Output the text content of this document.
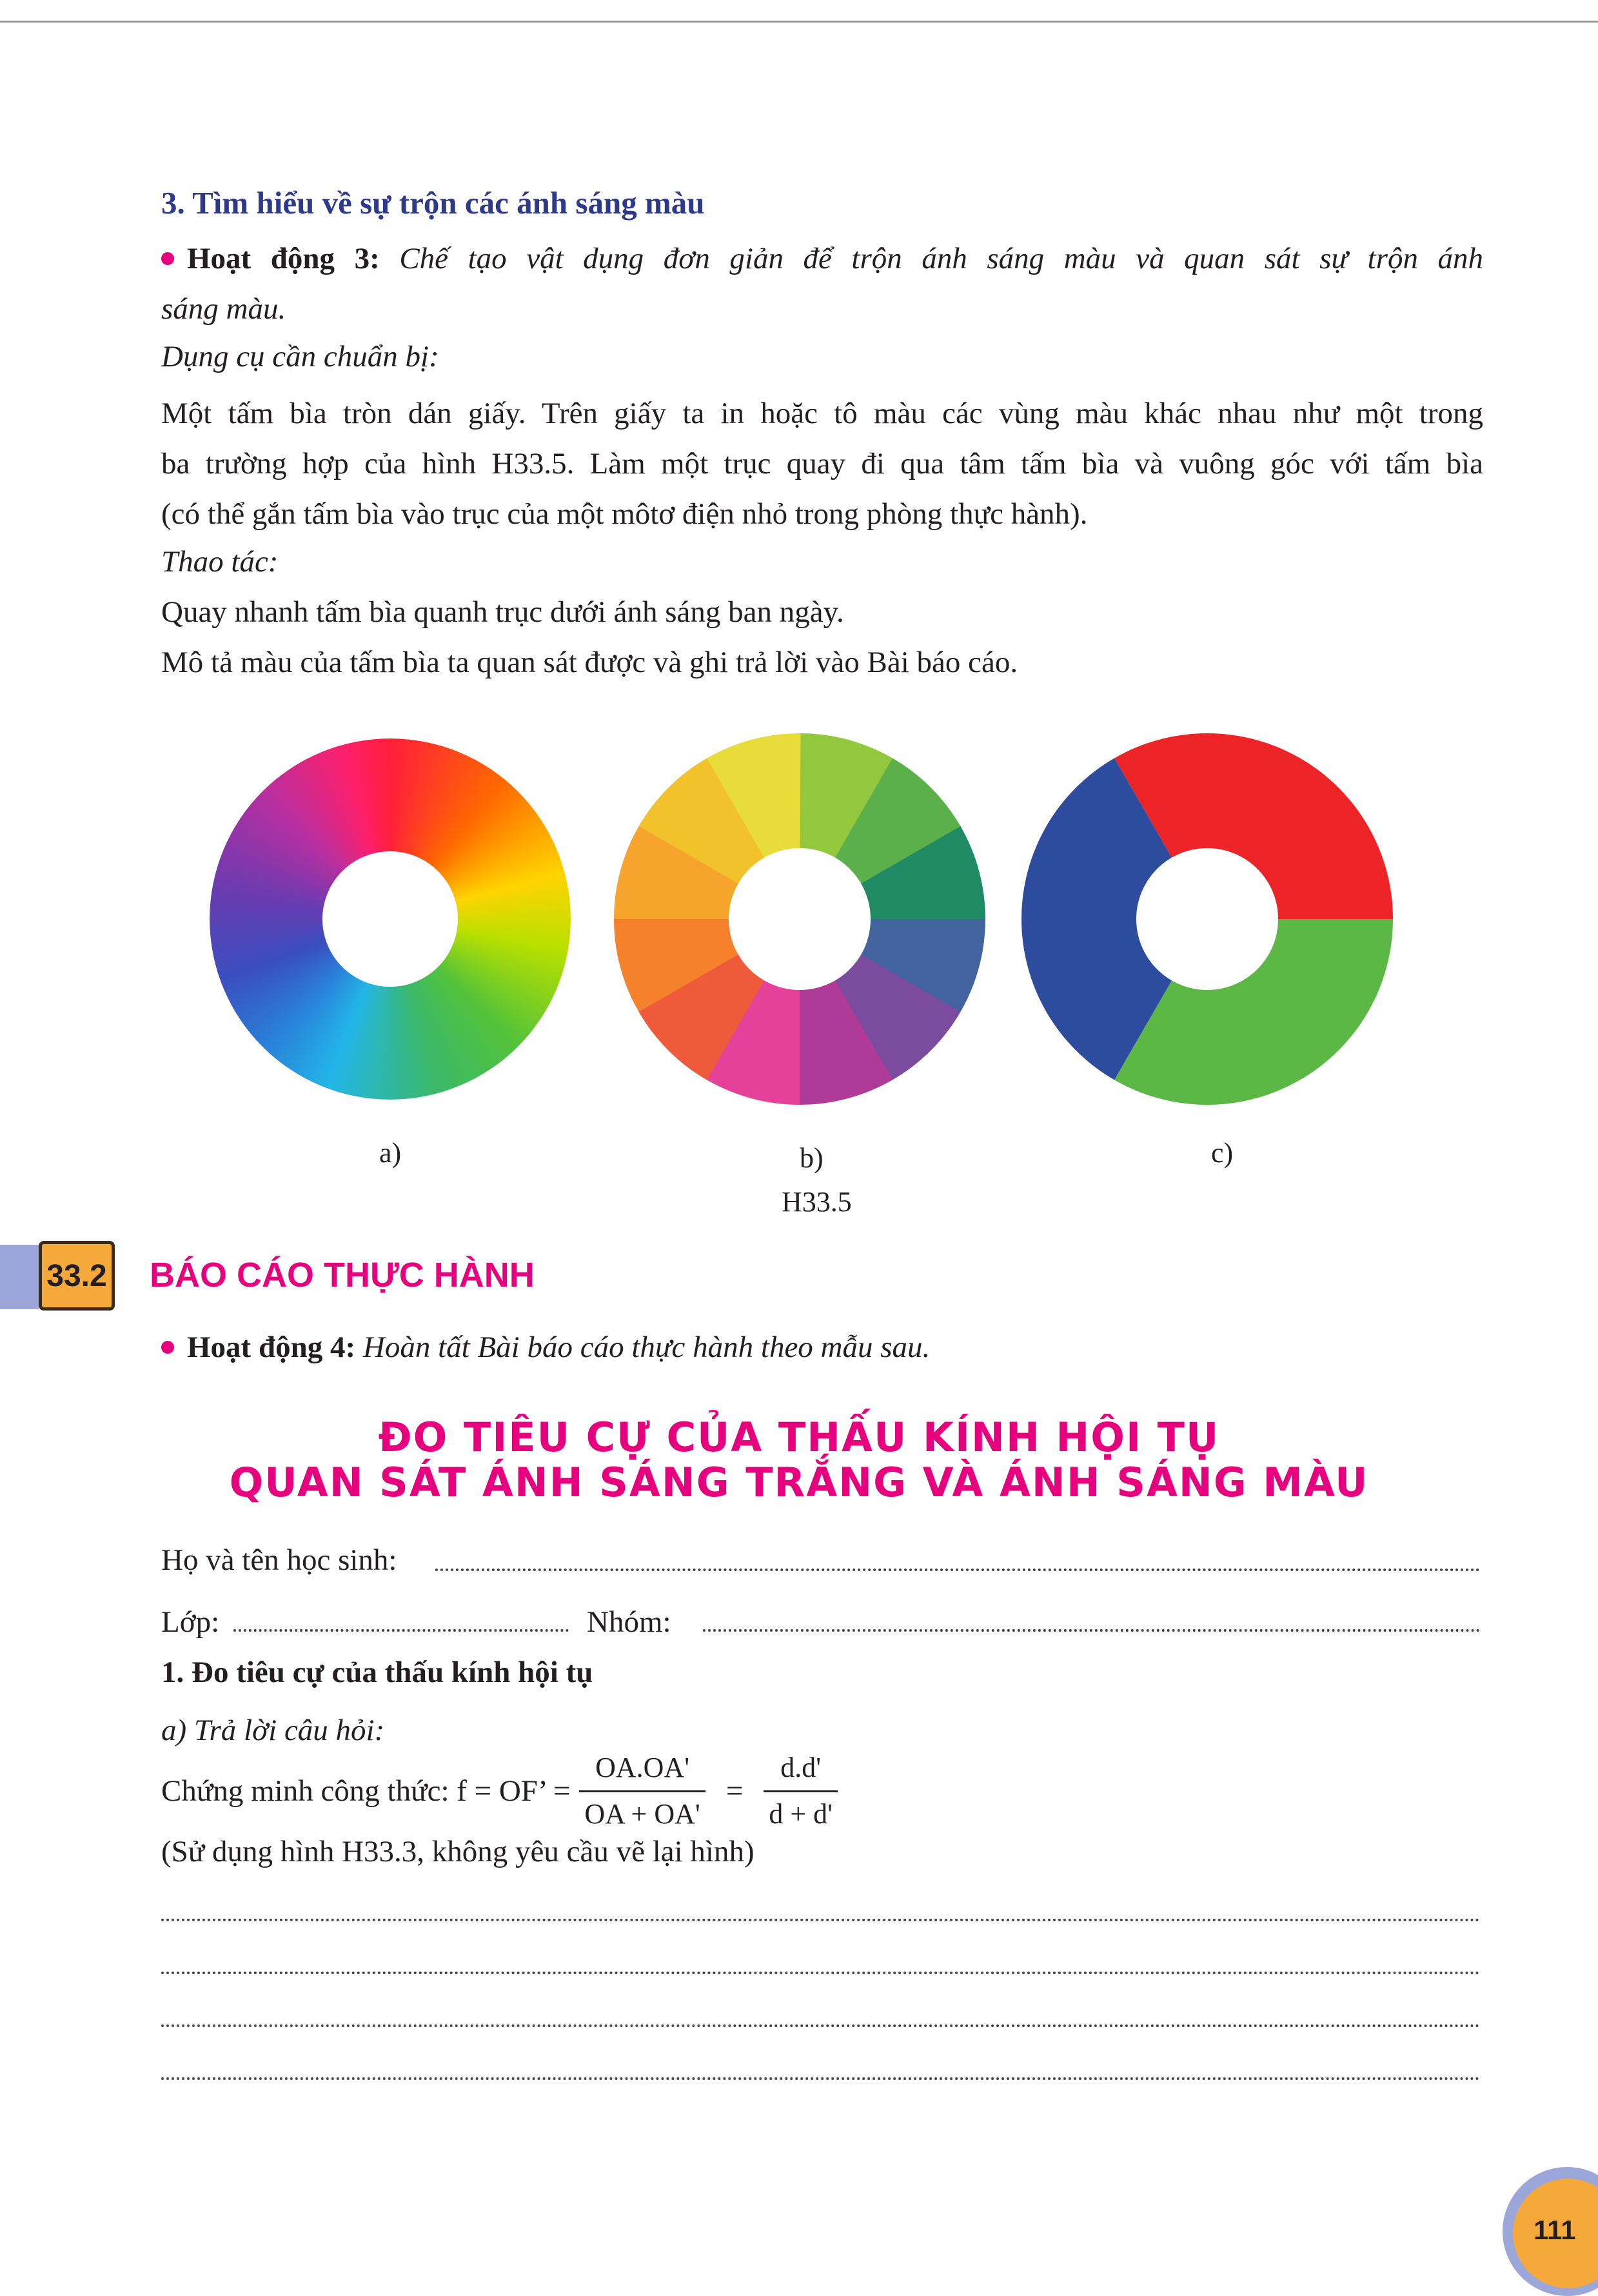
3. Tìm hiểu về sự trộn các ánh sáng màu
Hoạt động 3: Chế tạo vật dụng đơn giản để trộn ánh sáng màu và quan sát sự trộn ánh
sáng màu.
Dụng cụ cần chuẩn bị:
Một tấm bìa tròn dán giấy. Trên giấy ta in hoặc tô màu các vùng màu khác nhau như một trong
ba trường hợp của hình H33.5. Làm một trục quay đi qua tâm tấm bìa và vuông góc với tấm bìa
(có thể gắn tấm bìa vào trục của một môtơ điện nhỏ trong phòng thực hành).
Thao tác:
Quay nhanh tấm bìa quanh trục dưới ánh sáng ban ngày.
Mô tả màu của tấm bìa ta quan sát được và ghi trả lời vào Bài báo cáo.
a)	b)	c)
H33.5
33.2 BÁO CÁO THỰC HÀNH
Hoạt động 4: Hoàn tất Bài báo cáo thực hành theo mẫu sau.
ĐO TIÊU CỰ CỦA THẤU KÍNH HỘI TỤ
QUAN SÁT ÁNH SÁNG TRẮNG VÀ ÁNH SÁNG MÀU
Họ và tên học sinh:
Lớp:	Nhóm:
1. Đo tiêu cự của thấu kính hội tụ
a) Trả lời câu hỏi:
Chứng minh công thức: f = OF’ = $\frac{OA.OA'}{OA + OA'} = \frac{d.d'}{d + d'}$
(Sử dụng hình H33.3, không yêu cầu vẽ lại hình)
111
